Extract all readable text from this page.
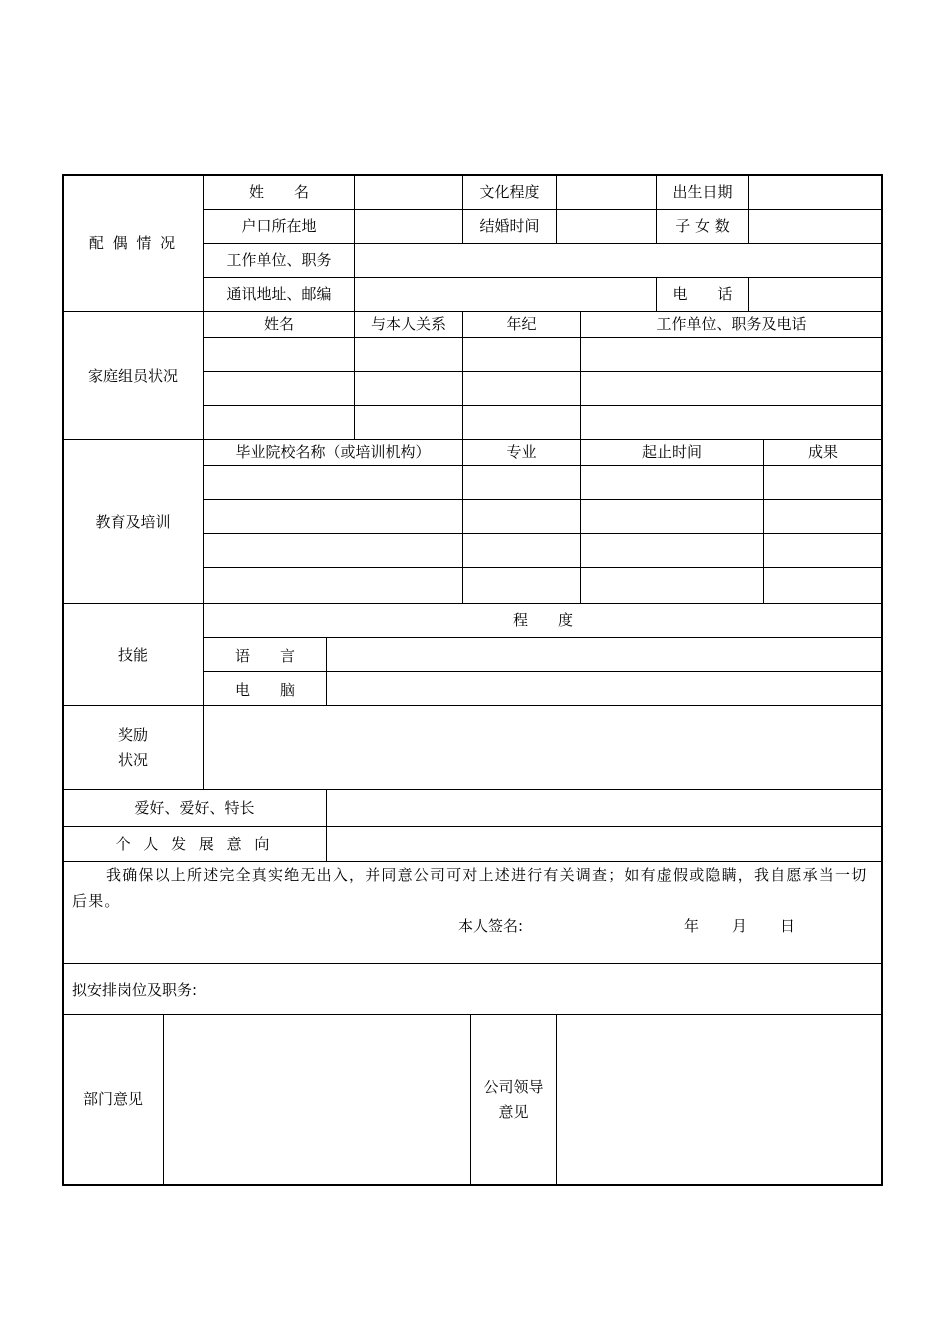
配 偶 情 况
姓　　名	文化程度	出生日期
户口所在地	结婚时间	子 女 数
工作单位、职务
通讯地址、邮编	电　　话
家庭组员状况
姓名	与本人关系	年纪	工作单位、职务及电话
教育及培训
毕业院校名称（或培训机构）	专业	起止时间	成果
技能
程　　度
语　　言
电　　脑
奖励
状况
爱好、爱好、特长
个 人 发 展 意 向
我确保以上所述完全真实绝无出入，并同意公司可对上述进行有关调查；如有虚假或隐瞒，我自愿承当一切后果。
本人签名:	年　　月　　日
拟安排岗位及职务:
部门意见
公司领导
意见
